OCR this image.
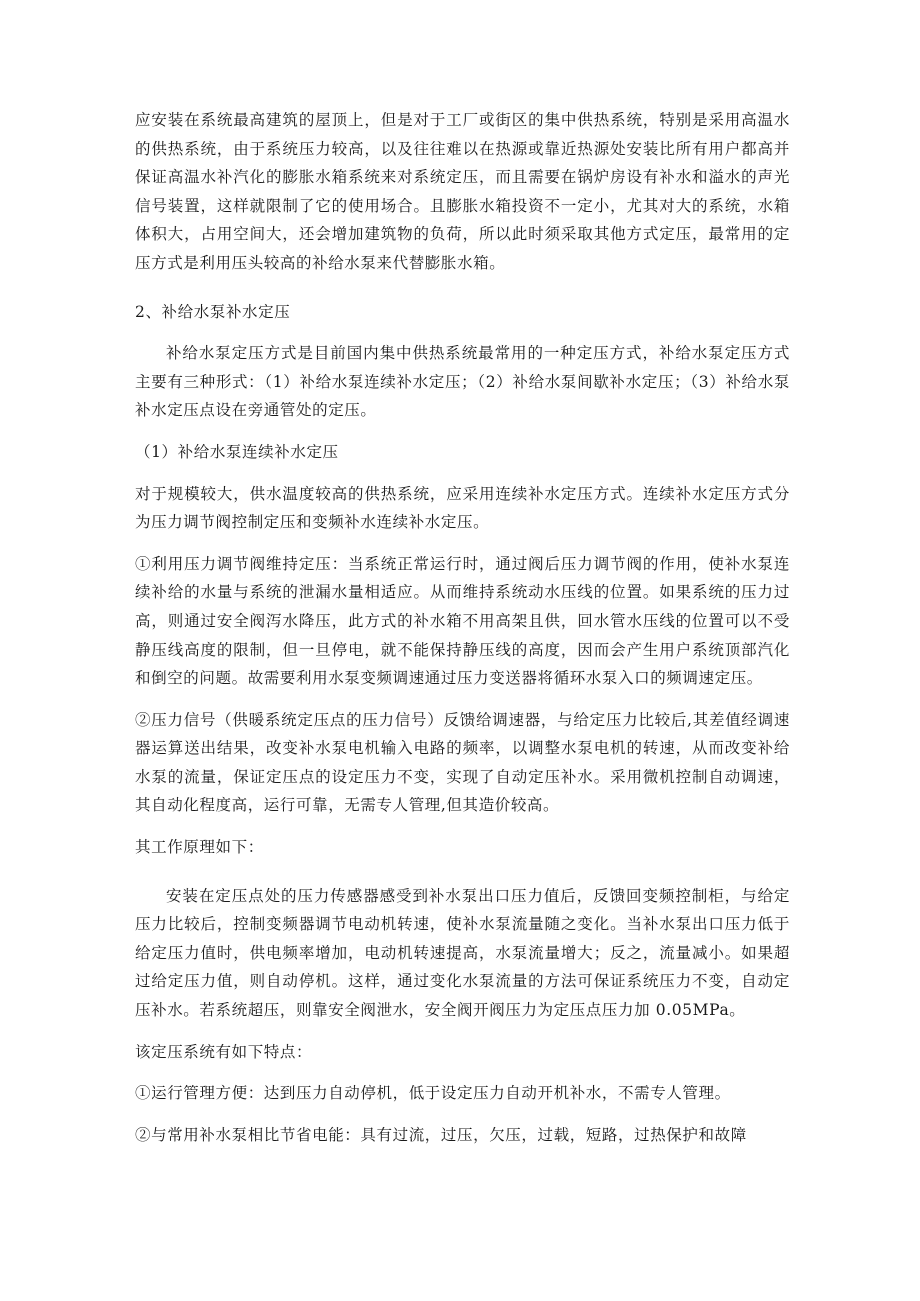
应安装在系统最高建筑的屋顶上，但是对于工厂或街区的集中供热系统，特别是采用高温水的供热系统，由于系统压力较高，以及往往难以在热源或靠近热源处安装比所有用户都高并保证高温水补汽化的膨胀水箱系统来对系统定压，而且需要在锅炉房设有补水和溢水的声光信号装置，这样就限制了它的使用场合。且膨胀水箱投资不一定小，尤其对大的系统，水箱体积大，占用空间大，还会增加建筑物的负荷，所以此时须采取其他方式定压，最常用的定压方式是利用压头较高的补给水泵来代替膨胀水箱。

2、补给水泵补水定压

补给水泵定压方式是目前国内集中供热系统最常用的一种定压方式，补给水泵定压方式主要有三种形式：（1）补给水泵连续补水定压；（2）补给水泵间歇补水定压；（3）补给水泵补水定压点设在旁通管处的定压。

（1）补给水泵连续补水定压

对于规模较大，供水温度较高的供热系统，应采用连续补水定压方式。连续补水定压方式分为压力调节阀控制定压和变频补水连续补水定压。

①利用压力调节阀维持定压：当系统正常运行时，通过阀后压力调节阀的作用，使补水泵连续补给的水量与系统的泄漏水量相适应。从而维持系统动水压线的位置。如果系统的压力过高，则通过安全阀泻水降压，此方式的补水箱不用高架且供，回水管水压线的位置可以不受静压线高度的限制，但一旦停电，就不能保持静压线的高度，因而会产生用户系统顶部汽化和倒空的问题。故需要利用水泵变频调速通过压力变送器将循环水泵入口的频调速定压。

②压力信号（供暖系统定压点的压力信号）反馈给调速器，与给定压力比较后,其差值经调速器运算送出结果，改变补水泵电机输入电路的频率，以调整水泵电机的转速，从而改变补给水泵的流量，保证定压点的设定压力不变，实现了自动定压补水。采用微机控制自动调速，其自动化程度高，运行可靠，无需专人管理,但其造价较高。

其工作原理如下：

安装在定压点处的压力传感器感受到补水泵出口压力值后，反馈回变频控制柜，与给定压力比较后，控制变频器调节电动机转速，使补水泵流量随之变化。当补水泵出口压力低于给定压力值时，供电频率增加，电动机转速提高，水泵流量增大；反之，流量减小。如果超过给定压力值，则自动停机。这样，通过变化水泵流量的方法可保证系统压力不变，自动定压补水。若系统超压，则靠安全阀泄水，安全阀开阀压力为定压点压力加 0.05MPa。

该定压系统有如下特点：

①运行管理方便：达到压力自动停机，低于设定压力自动开机补水，不需专人管理。

②与常用补水泵相比节省电能：具有过流，过压，欠压，过载，短路，过热保护和故障
